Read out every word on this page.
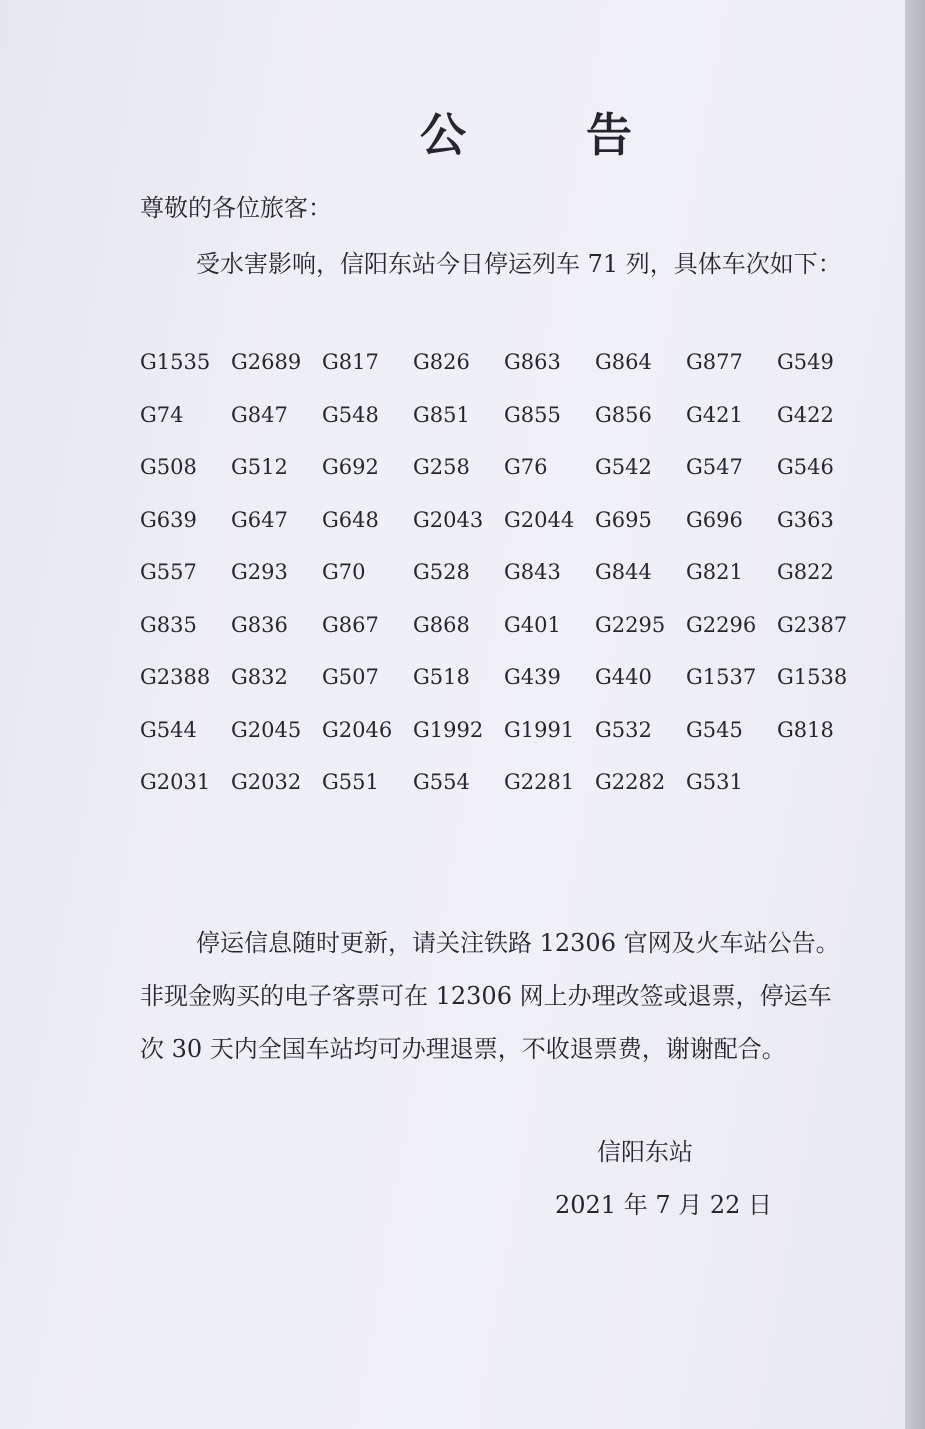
公 告

尊敬的各位旅客：

受水害影响，信阳东站今日停运列车 71 列，具体车次如下：

G1535 G2689 G817	G826	G863	G864	G877	G549
G74	G847	G548	G851	G855	G856	G421	G422
G508	G512	G692	G258	G76	G542	G547	G546
G639	G647	G648	G2043 G2044 G695	G696	G363
G557	G293	G70	G528	G843	G844	G821	G822
G835	G836	G867	G868	G401	G2295 G2296 G2387
G2388 G832	G507	G518	G439	G440	G1537 G1538
G544	G2045 G2046 G1992 G1991 G532	G545	G818
G2031 G2032 G551	G554	G2281 G2282 G531

停运信息随时更新，请关注铁路 12306 官网及火车站公告。非现金购买的电子客票可在 12306 网上办理改签或退票，停运车次 30 天内全国车站均可办理退票，不收退票费，谢谢配合。

信阳东站

2021 年 7 月 22 日
